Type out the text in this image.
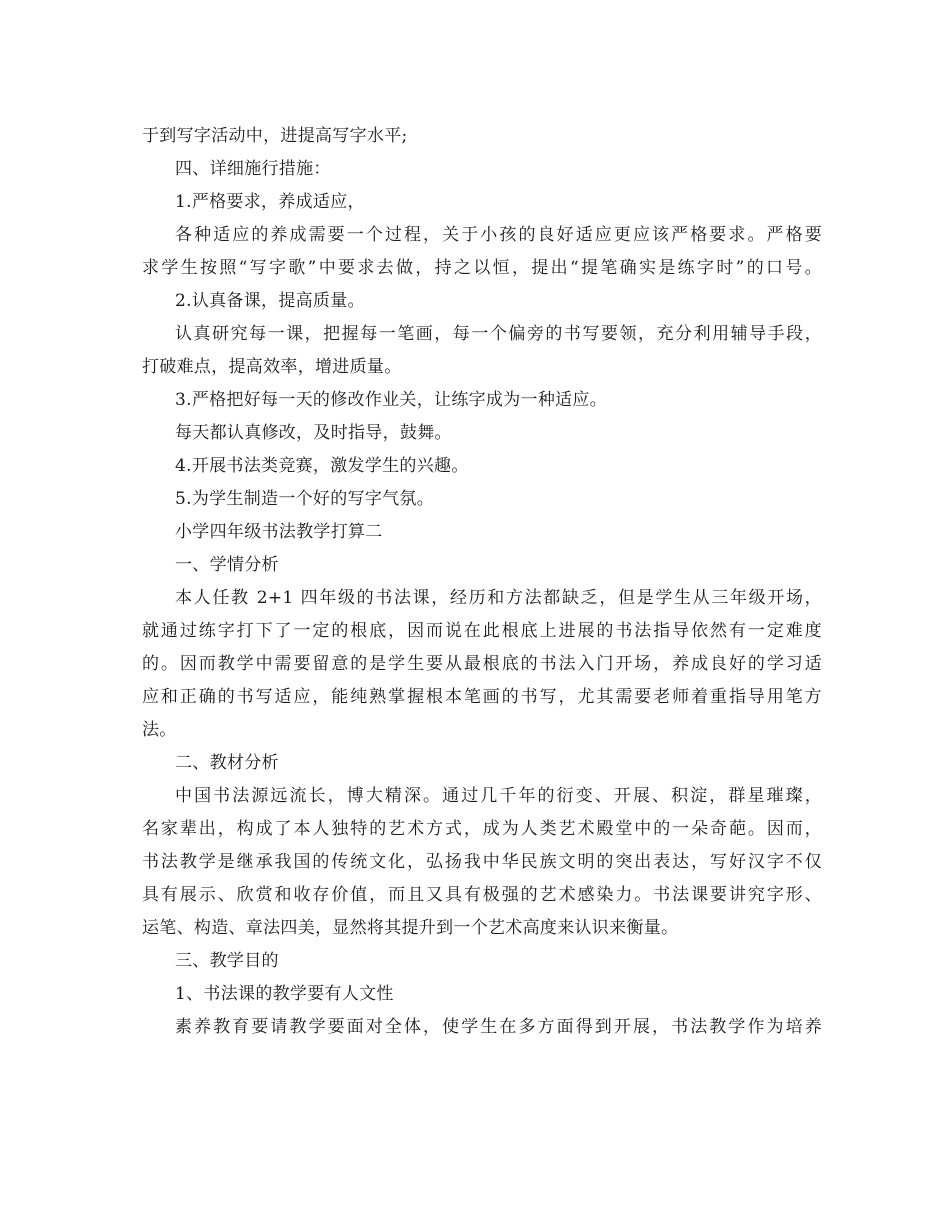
于到写字活动中，进提高写字水平;
四、详细施行措施：
1.严格要求，养成适应，
各种适应的养成需要一个过程，关于小孩的良好适应更应该严格要求。严格要
求学生按照“写字歌”中要求去做，持之以恒，提出“提笔确实是练字时”的口号。
2.认真备课，提高质量。
认真研究每一课，把握每一笔画，每一个偏旁的书写要领，充分利用辅导手段，
打破难点，提高效率，增进质量。
3.严格把好每一天的修改作业关，让练字成为一种适应。
每天都认真修改，及时指导，鼓舞。
4.开展书法类竞赛，激发学生的兴趣。
5.为学生制造一个好的写字气氛。
小学四年级书法教学打算二
一、学情分析
本人任教 2+1 四年级的书法课，经历和方法都缺乏，但是学生从三年级开场，
就通过练字打下了一定的根底，因而说在此根底上进展的书法指导依然有一定难度
的。因而教学中需要留意的是学生要从最根底的书法入门开场，养成良好的学习适
应和正确的书写适应，能纯熟掌握根本笔画的书写，尤其需要老师着重指导用笔方
法。
二、教材分析
中国书法源远流长，博大精深。通过几千年的衍变、开展、积淀，群星璀璨，
名家辈出，构成了本人独特的艺术方式，成为人类艺术殿堂中的一朵奇葩。因而，
书法教学是继承我国的传统文化，弘扬我中华民族文明的突出表达，写好汉字不仅
具有展示、欣赏和收存价值，而且又具有极强的艺术感染力。书法课要讲究字形、
运笔、构造、章法四美，显然将其提升到一个艺术高度来认识来衡量。
三、教学目的
1、书法课的教学要有人文性
素养教育要请教学要面对全体，使学生在多方面得到开展，书法教学作为培养
